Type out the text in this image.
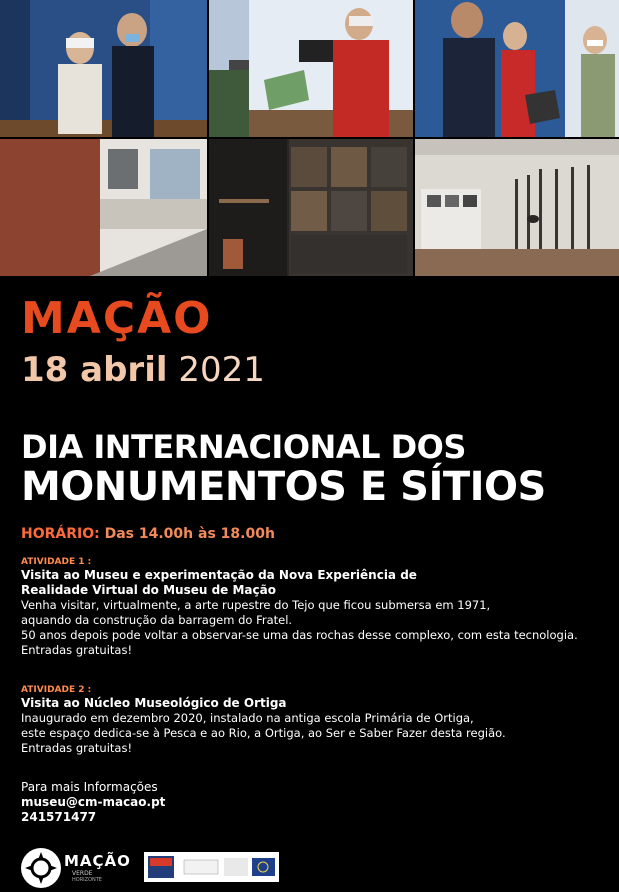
MAÇÃO
18 abril 2021
DIA INTERNACIONAL DOS
MONUMENTOS E SÍTIOS
HORÁRIO: Das 14.00h às 18.00h
ATIVIDADE 1 :
Visita ao Museu e experimentação da Nova Experiência de
Realidade Virtual do Museu de Mação
Venha visitar, virtualmente, a arte rupestre do Tejo que ficou submersa em 1971,
aquando da construção da barragem do Fratel.
50 anos depois pode voltar a observar-se uma das rochas desse complexo, com esta tecnologia.
Entradas gratuitas!
ATIVIDADE 2 :
Visita ao Núcleo Museológico de Ortiga
Inaugurado em dezembro 2020, instalado na antiga escola Primária de Ortiga,
este espaço dedica-se à Pesca e ao Rio, a Ortiga, ao Ser e Saber Fazer desta região.
Entradas gratuitas!
Para mais Informações
museu@cm-macao.pt
241571477
MAÇÃO
VERDE
HORIZONTE
